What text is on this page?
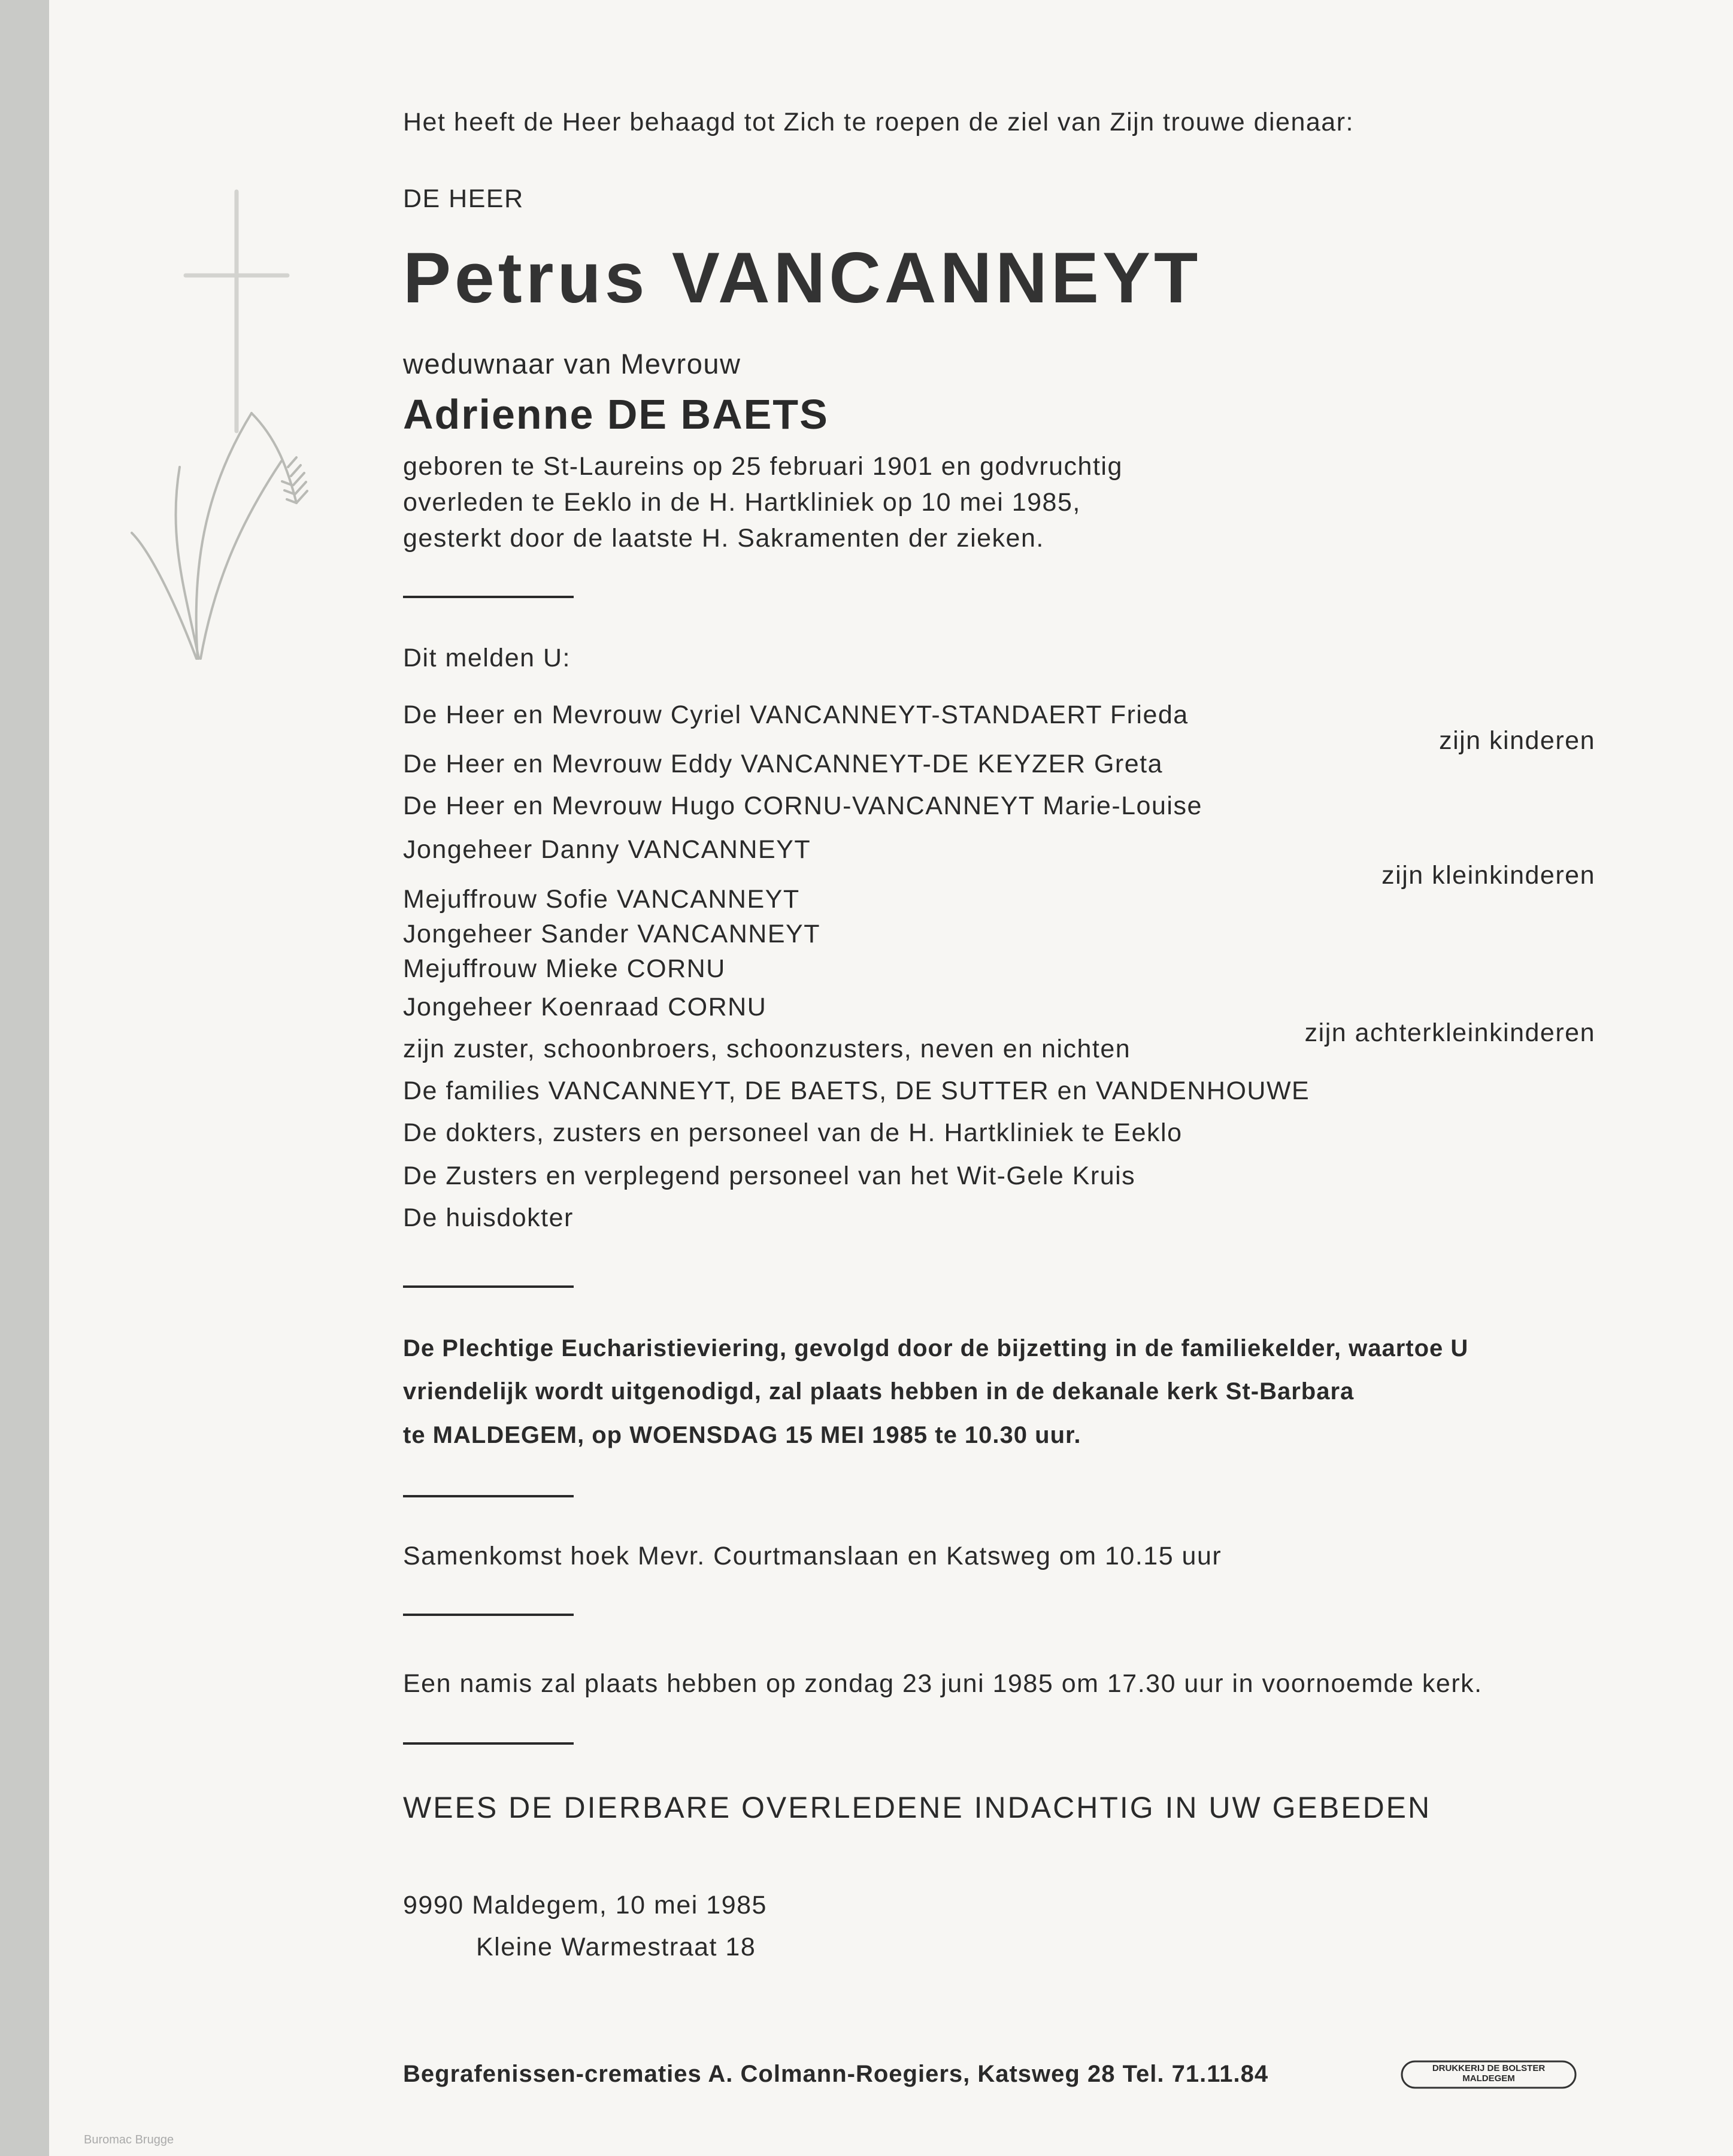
Het heeft de Heer behaagd tot Zich te roepen de ziel van Zijn trouwe dienaar:

DE HEER

Petrus VANCANNEYT

weduwnaar van Mevrouw

Adrienne DE BAETS

geboren te St-Laureins op 25 februari 1901 en godvruchtig

overleden te Eeklo in de H. Hartkliniek op 10 mei 1985,

gesterkt door de laatste H. Sakramenten der zieken.

Dit melden U:

De Heer en Mevrouw Cyriel VANCANNEYT-STANDAERT Frieda

zijn kinderen

De Heer en Mevrouw Eddy VANCANNEYT-DE KEYZER Greta

De Heer en Mevrouw Hugo CORNU-VANCANNEYT Marie-Louise

Jongeheer Danny VANCANNEYT

zijn kleinkinderen

Mejuffrouw Sofie VANCANNEYT

Jongeheer Sander VANCANNEYT

Mejuffrouw Mieke CORNU

Jongeheer Koenraad CORNU

zijn achterkleinkinderen

zijn zuster, schoonbroers, schoonzusters, neven en nichten

De families VANCANNEYT, DE BAETS, DE SUTTER en VANDENHOUWE

De dokters, zusters en personeel van de H. Hartkliniek te Eeklo

De Zusters en verplegend personeel van het Wit-Gele Kruis

De huisdokter

De Plechtige Eucharistieviering, gevolgd door de bijzetting in de familiekelder, waartoe U

vriendelijk wordt uitgenodigd, zal plaats hebben in de dekanale kerk St-Barbara

te MALDEGEM, op WOENSDAG 15 MEI 1985 te 10.30 uur.

Samenkomst hoek Mevr. Courtmanslaan en Katsweg om 10.15 uur

Een namis zal plaats hebben op zondag 23 juni 1985 om 17.30 uur in voornoemde kerk.

WEES DE DIERBARE OVERLEDENE INDACHTIG IN UW GEBEDEN

9990 Maldegem, 10 mei 1985

Kleine Warmestraat 18

Begrafenissen-crematies A. Colmann-Roegiers, Katsweg 28 Tel. 71.11.84	DRUKKERIJ DE BOLSTER
MALDEGEM
Buromac Brugge
